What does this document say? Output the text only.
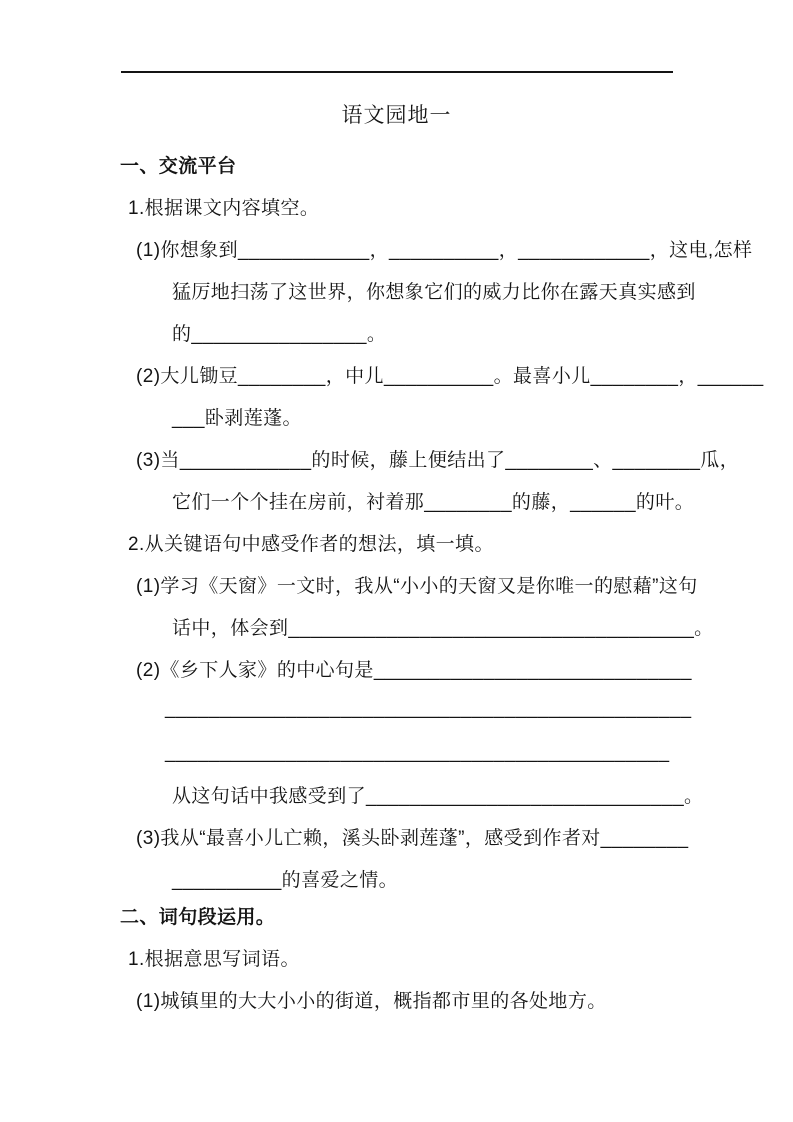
语文园地一
一、交流平台
1.根据课文内容填空。
(1)你想象到____________，__________，____________，这电,怎样
猛厉地扫荡了这世界，你想象它们的威力比你在露天真实感到
的________________。
(2)大儿锄豆________，中儿__________。最喜小儿________，______
___卧剥莲蓬。
(3)当____________的时候，藤上便结出了________、________瓜，
它们一个个挂在房前，衬着那________的藤，______的叶。
2.从关键语句中感受作者的想法，填一填。
(1)学习《天窗》一文时，我从“小小的天窗又是你唯一的慰藉”这句
话中，体会到_____________________________________。
(2)《乡下人家》的中心句是_____________________________
________________________________________________
______________________________________________
从这句话中我感受到了_____________________________。
(3)我从“最喜小儿亡赖，溪头卧剥莲蓬”，感受到作者对________
__________的喜爱之情。
二、词句段运用。
1.根据意思写词语。
(1)城镇里的大大小小的街道，概指都市里的各处地方。
